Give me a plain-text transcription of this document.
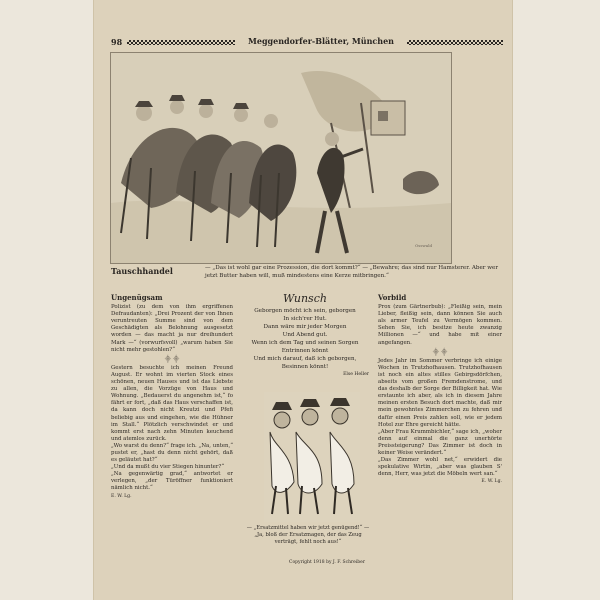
98	Meggendorfer-Blätter, München
Osswald
Tauschhandel	— „Das ist wohl gar eine Prozession, die dort kommt?“ — „Bewahre; das sind nur Hamsterer. Aber wer jetzt Butter haben will, muß mindestens eine Kerze mitbringen.“
Ungenügsam

Polizist (zu dem von ihm ergriffenen Defraudanten): „Drei Prozent der von Ihnen veruntreuten Summe sind von dem Geschädigten als Belohnung ausgesetzt worden — das macht ja nur dreihundert Mark —“ (vorwurfsvoll) „warum haben Sie nicht mehr gestohlen?“

⸎ ⸎

Gestern besuchte ich meinen Freund August. Er wohnt im vierten Stock eines schönen, neuen Hauses und ist das Liebste zu allen, die Vorzüge von Haus und Wohnung. „Bedauerst du angenehm ist,“ fo fährt er fort, „daß das Haus verschaffen ist, da kann doch nicht Kreutzi und Pfefi beliebig aus und eingehen, wie die Hühner im Stall.“ Plötzlich verschwindet er und kommt erst nach zehn Minuten keuchend und atemlos zurück.

„Wo warst du denn?“ frage ich. „Na, unten,“ pustet er, „hast du denn nicht gehört, daß es geläutet hat?“

„Und da mußt du vier Stiegen hinunter?“

„Na gegenwärtig grad,“ antwortet er verlegen, „der Türöffner funktioniert nämlich nicht.“

E. W. Lg.
Wunsch
Geborgen möcht ich sein, geborgen
In sich'rer Hut.
Dann wäre mir jeder Morgen
Und Abend gut.
Wenn ich dem Tag und seinen Sorgen
Entrinnen könnt
Und mich darauf, daß ich geborgen,
Besinnen könnt!
Else Heller
— „Ersatzmittel haben wir jetzt genügend!“ — „Ja, bloß der Ersatzmagen, der das Zeug verträgt, fehlt noch aus!“
Vorbild

Prox (zum Gärtnerbub): „Fleißig sein, mein Lieber, fleißig sein, dann können Sie auch als armer Teufel zu Vermögen kommen. Sehen Sie, ich besitze heute zwanzig Millionen —“ und habe mit einer angefangen.

⸎ ⸎

Jedes Jahr im Sommer verbringe ich einige Wochen in Trutzhofhausen. Trutzhofhausen ist noch ein altes stilles Gebirgsdörfchen, abseits vom großen Fremdenstrome, und das deshalb der Sorge der Billigkeit hat. Wie erstaunte ich aber, als ich in diesem Jahre meinen ersten Besuch dort machte, daß mir mein gewohntes Zimmerchen zu fehren und dafür einen Preis zahlen soll, wie er jedem Hotel zur Ehre gereicht hätte.

„Aber Frau Krummbichler,“ sage ich, „woher denn auf einmal die ganz unerhörte Preissteigerung? Das Zimmer ist doch in keiner Weise verändert.“

„Das Zimmer wohl net,“ erwidert die spekulative Wirtin, „aber was glauben S' denn, Herr, was jetzt die Möbeln wert san.“

E. W. Lg.
Copyright 1918 by J. F. Schreiber
